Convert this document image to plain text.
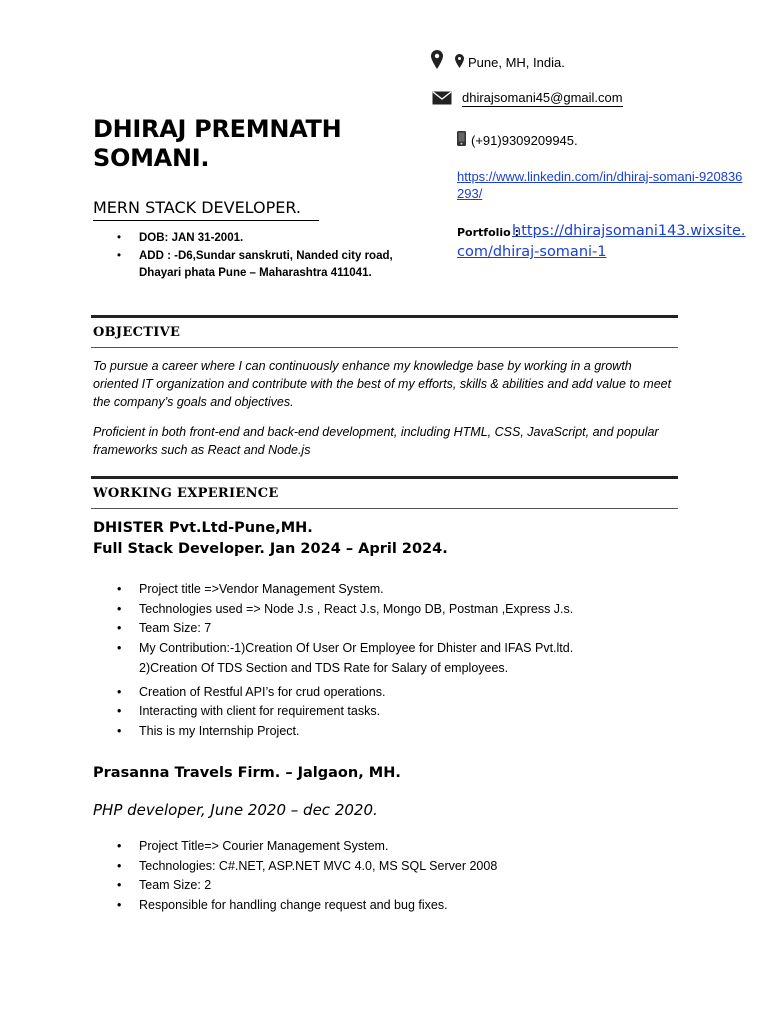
DHIRAJ PREMNATH SOMANI.
MERN STACK DEVELOPER.
• DOB: JAN 31-2001.
• ADD : -D6,Sundar sanskruti, Nanded city road, Dhayari phata Pune – Maharashtra 411041.
Pune, MH, India.
dhirajsomani45@gmail.com
(+91)9309209945.
https://www.linkedin.com/in/dhiraj-somani-920836293/
Portfolio :
https://dhirajsomani143.wixsite.com/dhiraj-somani-1
OBJECTIVE
To pursue a career where I can continuously enhance my knowledge base by working in a growth oriented IT organization and contribute with the best of my efforts, skills & abilities and add value to meet the company’s goals and objectives.
Proficient in both front-end and back-end development, including HTML, CSS, JavaScript, and popular frameworks such as React and Node.js
WORKING EXPERIENCE
DHISTER Pvt.Ltd-Pune,MH.
Full Stack Developer. Jan 2024 – April 2024.
• Project title =>Vendor Management System.
• Technologies used => Node J.s , React J.s, Mongo DB, Postman ,Express J.s.
• Team Size: 7
• My Contribution:-1)Creation Of User Or Employee for Dhister and IFAS Pvt.ltd.
2)Creation Of TDS Section and TDS Rate for Salary of employees.
• Creation of Restful API’s for crud operations.
• Interacting with client for requirement tasks.
• This is my Internship Project.
Prasanna Travels Firm. – Jalgaon, MH.
PHP developer, June 2020 – dec 2020.
• Project Title=> Courier Management System.
• Technologies: C#.NET, ASP.NET MVC 4.0, MS SQL Server 2008
• Team Size: 2
• Responsible for handling change request and bug fixes.
